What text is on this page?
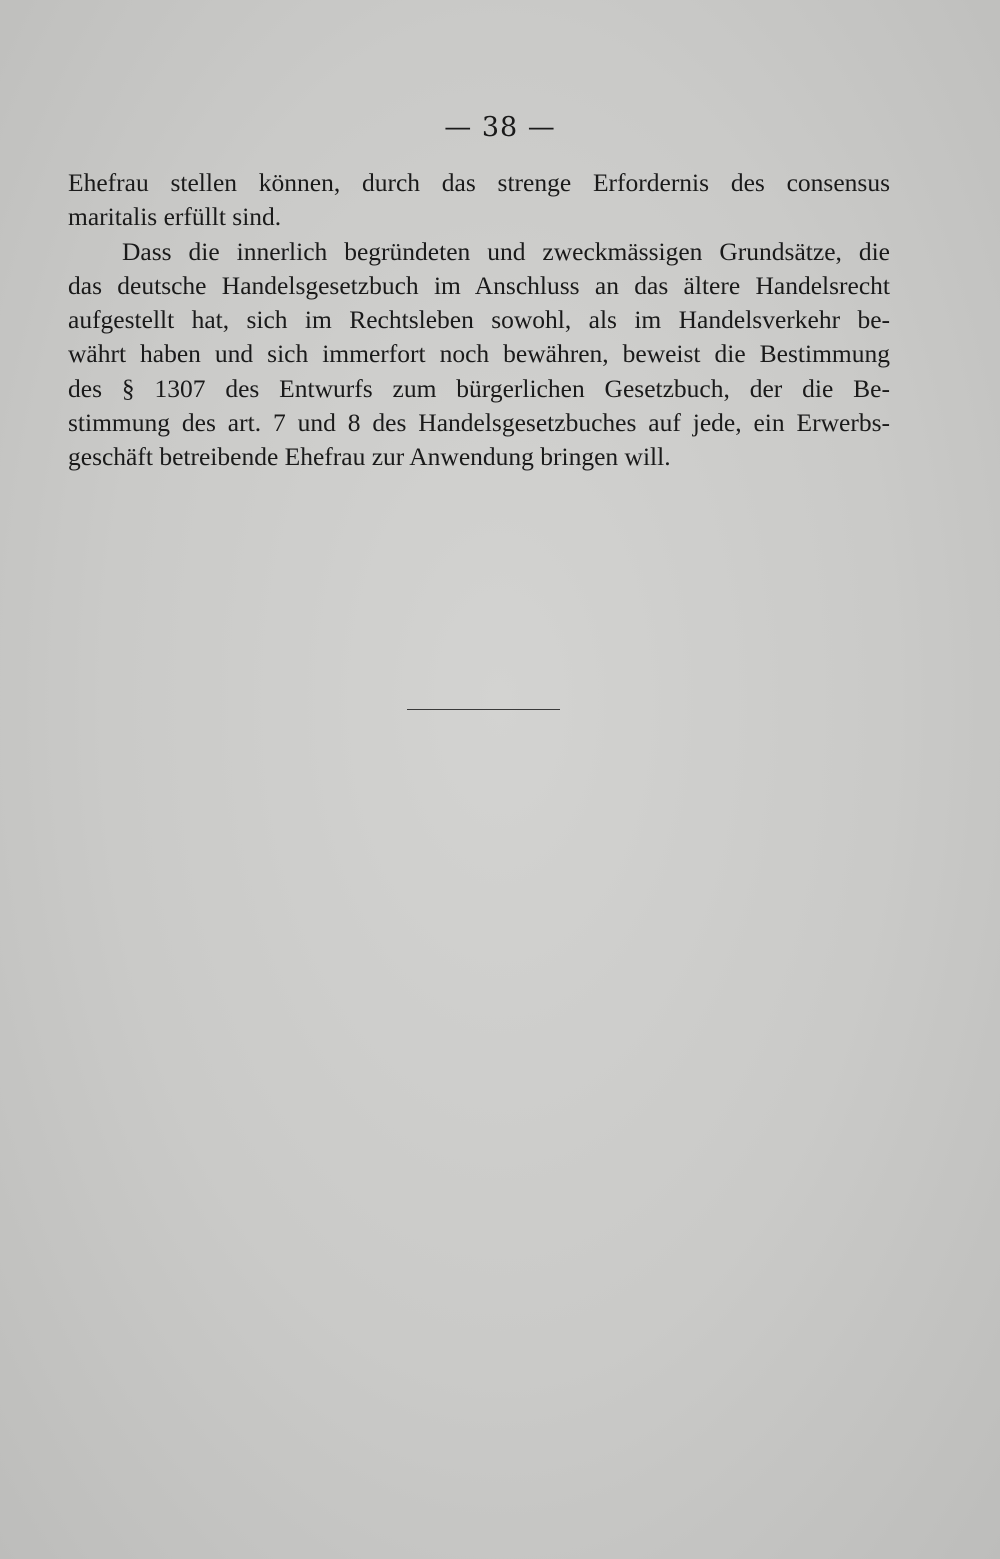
— 38 —
Ehefrau stellen können, durch das strenge Erfordernis des consensus
maritalis erfüllt sind.
Dass die innerlich begründeten und zweckmässigen Grundsätze, die
das deutsche Handelsgesetzbuch im Anschluss an das ältere Handelsrecht
aufgestellt hat, sich im Rechtsleben sowohl, als im Handelsverkehr be-
währt haben und sich immerfort noch bewähren, beweist die Bestimmung
des § 1307 des Entwurfs zum bürgerlichen Gesetzbuch, der die Be-
stimmung des art. 7 und 8 des Handelsgesetzbuches auf jede, ein Erwerbs-
geschäft betreibende Ehefrau zur Anwendung bringen will.
